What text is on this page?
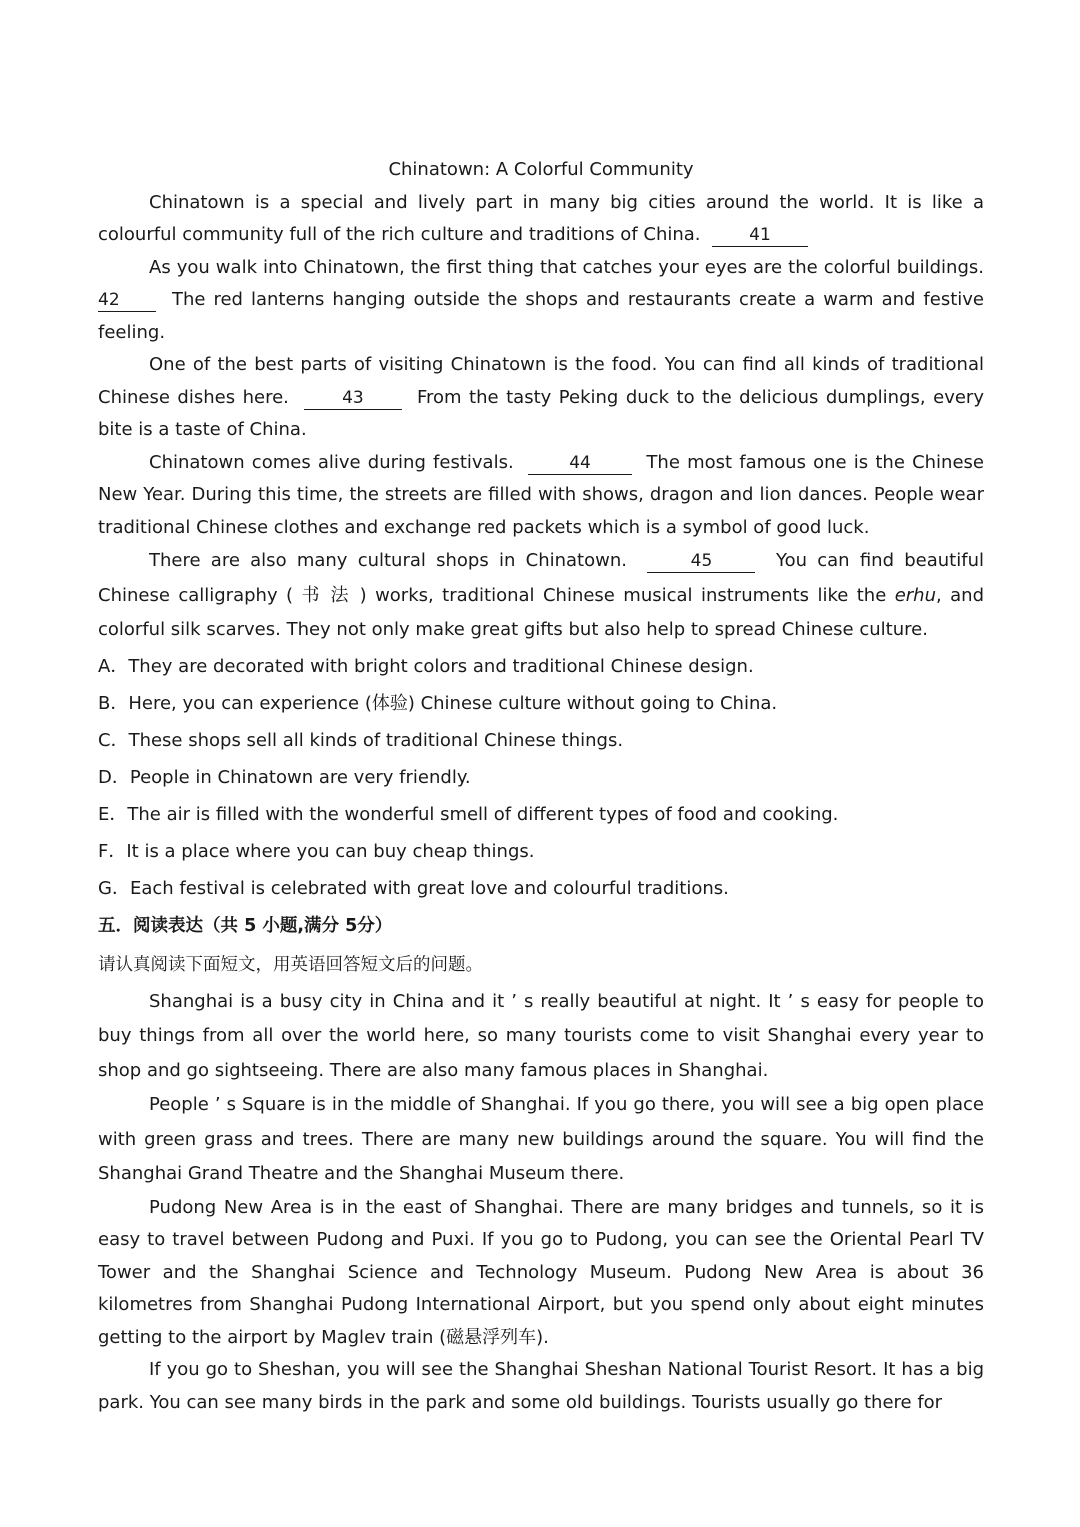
Chinatown: A Colorful Community

Chinatown is a special and lively part in many big cities around the world. It is like a colourful community full of the rich culture and traditions of China.	41

As you walk into Chinatown, the first thing that catches your eyes are the colorful buildings. 42	The red lanterns hanging outside the shops and restaurants create a warm and festive feeling.

One of the best parts of visiting Chinatown is the food. You can find all kinds of traditional Chinese dishes here.	43	From the tasty Peking duck to the delicious dumplings, every bite is a taste of China.

Chinatown comes alive during festivals.	44	The most famous one is the Chinese New Year. During this time, the streets are filled with shows, dragon and lion dances. People wear traditional Chinese clothes and exchange red packets which is a symbol of good luck.

There are also many cultural shops in Chinatown.	45	You can find beautiful Chinese calligraphy ( 书 法 ) works, traditional Chinese musical instruments like the erhu, and colorful silk scarves. They not only make great gifts but also help to spread Chinese culture.

A．They are decorated with bright colors and traditional Chinese design.

B．Here, you can experience (体验) Chinese culture without going to China.

C．These shops sell all kinds of traditional Chinese things.

D．People in Chinatown are very friendly.

E．The air is filled with the wonderful smell of different types of food and cooking.

F．It is a place where you can buy cheap things.

G．Each festival is celebrated with great love and colourful traditions.

五．阅读表达（共 5 小题,满分 5分）

请认真阅读下面短文，用英语回答短文后的问题。

Shanghai is a busy city in China and it ’ s really beautiful at night. It ’ s easy for people to buy things from all over the world here, so many tourists come to visit Shanghai every year to shop and go sightseeing. There are also many famous places in Shanghai.

People ’ s Square is in the middle of Shanghai. If you go there, you will see a big open place with green grass and trees. There are many new buildings around the square. You will find the Shanghai Grand Theatre and the Shanghai Museum there.

Pudong New Area is in the east of Shanghai. There are many bridges and tunnels, so it is easy to travel between Pudong and Puxi. If you go to Pudong, you can see the Oriental Pearl TV Tower and the Shanghai Science and Technology Museum. Pudong New Area is about 36 kilometres from Shanghai Pudong International Airport, but you spend only about eight minutes getting to the airport by Maglev train (磁悬浮列车).

If you go to Sheshan, you will see the Shanghai Sheshan National Tourist Resort. It has a big park. You can see many birds in the park and some old buildings. Tourists usually go there for
